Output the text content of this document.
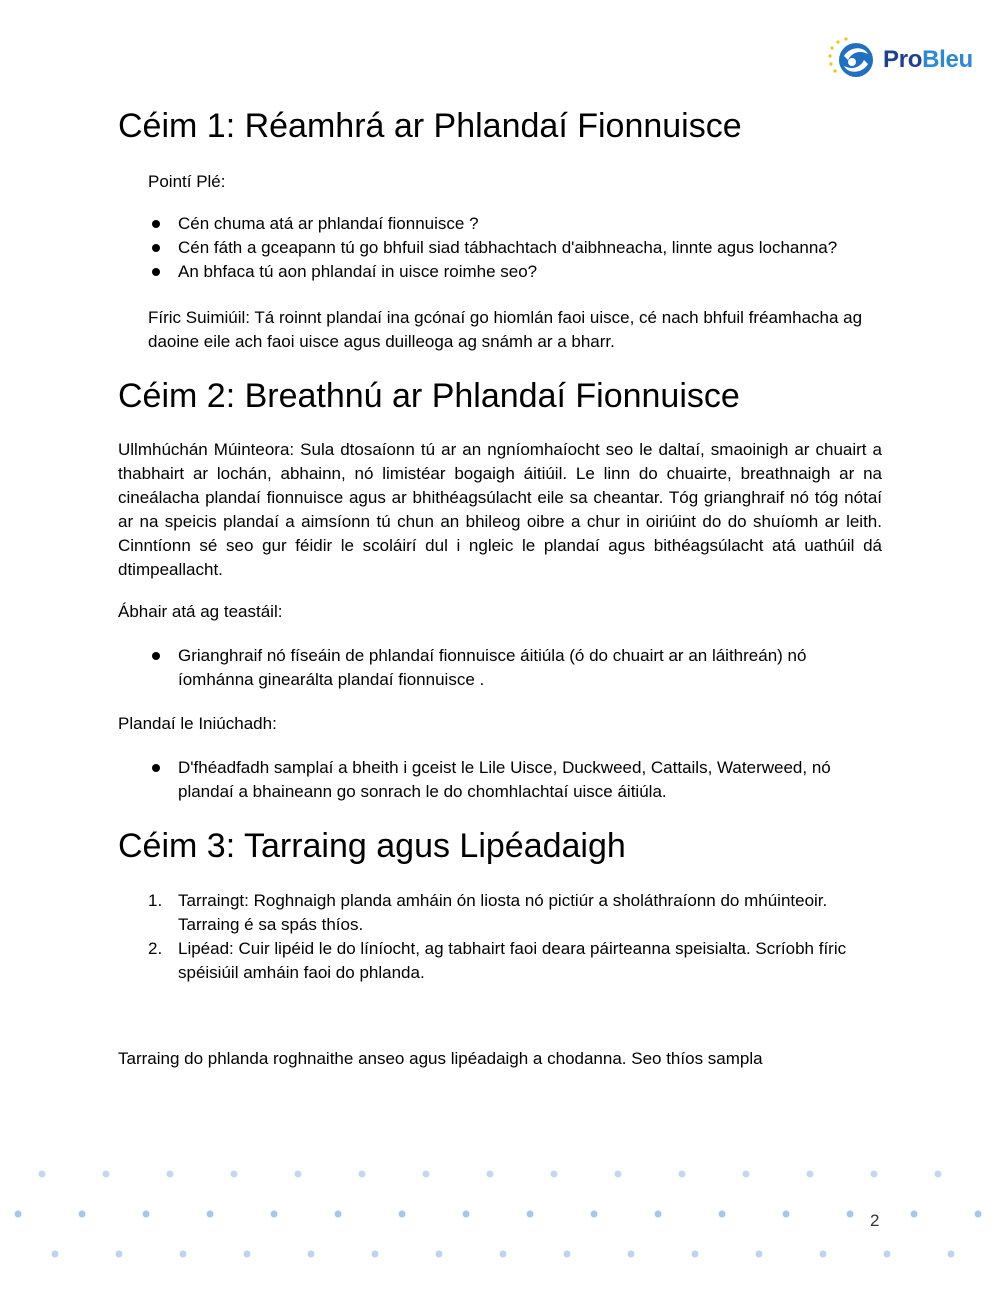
ProBleu
Céim 1: Réamhrá ar Phlandaí Fionnuisce

Pointí Plé:

Cén chuma atá ar phlandaí fionnuisce ?
Cén fáth a gceapann tú go bhfuil siad tábhachtach d'aibhneacha, linnte agus lochanna?
An bhfaca tú aon phlandaí in uisce roimhe seo?

Fíric Suimiúil: Tá roinnt plandaí ina gcónaí go hiomlán faoi uisce, cé nach bhfuil fréamhacha ag daoine eile ach faoi uisce agus duilleoga ag snámh ar a bharr.

Céim 2: Breathnú ar Phlandaí Fionnuisce

Ullmhúchán Múinteora: Sula dtosaíonn tú ar an ngníomhaíocht seo le daltaí, smaoinigh ar chuairt a thabhairt ar lochán, abhainn, nó limistéar bogaigh áitiúil. Le linn do chuairte, breathnaigh ar na cineálacha plandaí fionnuisce agus ar bhithéagsúlacht eile sa cheantar. Tóg grianghraif nó tóg nótaí ar na speicis plandaí a aimsíonn tú chun an bhileog oibre a chur in oiriúint do do shuíomh ar leith. Cinntíonn sé seo gur féidir le scoláirí dul i ngleic le plandaí agus bithéagsúlacht atá uathúil dá dtimpeallacht.

Ábhair atá ag teastáil:

Grianghraif nó físeáin de phlandaí fionnuisce áitiúla (ó do chuairt ar an láithreán) nó íomhánna ginearálta plandaí fionnuisce .

Plandaí le Iniúchadh:

D'fhéadfadh samplaí a bheith i gceist le Lile Uisce, Duckweed, Cattails, Waterweed, nó plandaí a bhaineann go sonrach le do chomhlachtaí uisce áitiúla.
Céim 3: Tarraing agus Lipéadaigh
1. Tarraingt: Roghnaigh planda amháin ón liosta nó pictiúr a sholáthraíonn do mhúinteoir. Tarraing é sa spás thíos.
2. Lipéad: Cuir lipéid le do líníocht, ag tabhairt faoi deara páirteanna speisialta. Scríobh fíric spéisiúil amháin faoi do phlanda.

Tarraing do phlanda roghnaithe anseo agus lipéadaigh a chodanna. Seo thíos sampla

2
